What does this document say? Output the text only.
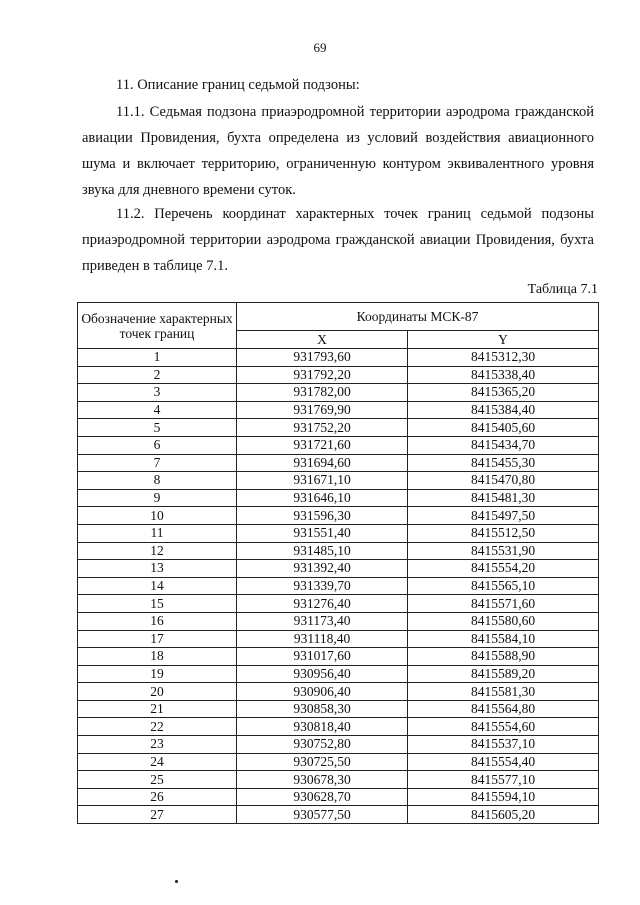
69
11. Описание границ седьмой подзоны:
11.1. Седьмая подзона приаэродромной территории аэродрома гражданской авиации Провидения, бухта определена из условий воздействия авиационного шума и включает территорию, ограниченную контуром эквивалентного уровня звука для дневного времени суток.
11.2. Перечень координат характерных точек границ седьмой подзоны приаэродромной территории аэродрома гражданской авиации Провидения, бухта приведен в таблице 7.1.
Таблица 7.1
Обозначение характерных точек границ	Координаты МСК-87	
	X	Y
1	931793,60	8415312,30
2	931792,20	8415338,40
3	931782,00	8415365,20
4	931769,90	8415384,40
5	931752,20	8415405,60
6	931721,60	8415434,70
7	931694,60	8415455,30
8	931671,10	8415470,80
9	931646,10	8415481,30
10	931596,30	8415497,50
11	931551,40	8415512,50
12	931485,10	8415531,90
13	931392,40	8415554,20
14	931339,70	8415565,10
15	931276,40	8415571,60
16	931173,40	8415580,60
17	931118,40	8415584,10
18	931017,60	8415588,90
19	930956,40	8415589,20
20	930906,40	8415581,30
21	930858,30	8415564,80
22	930818,40	8415554,60
23	930752,80	8415537,10
24	930725,50	8415554,40
25	930678,30	8415577,10
26	930628,70	8415594,10
27	930577,50	8415605,20
